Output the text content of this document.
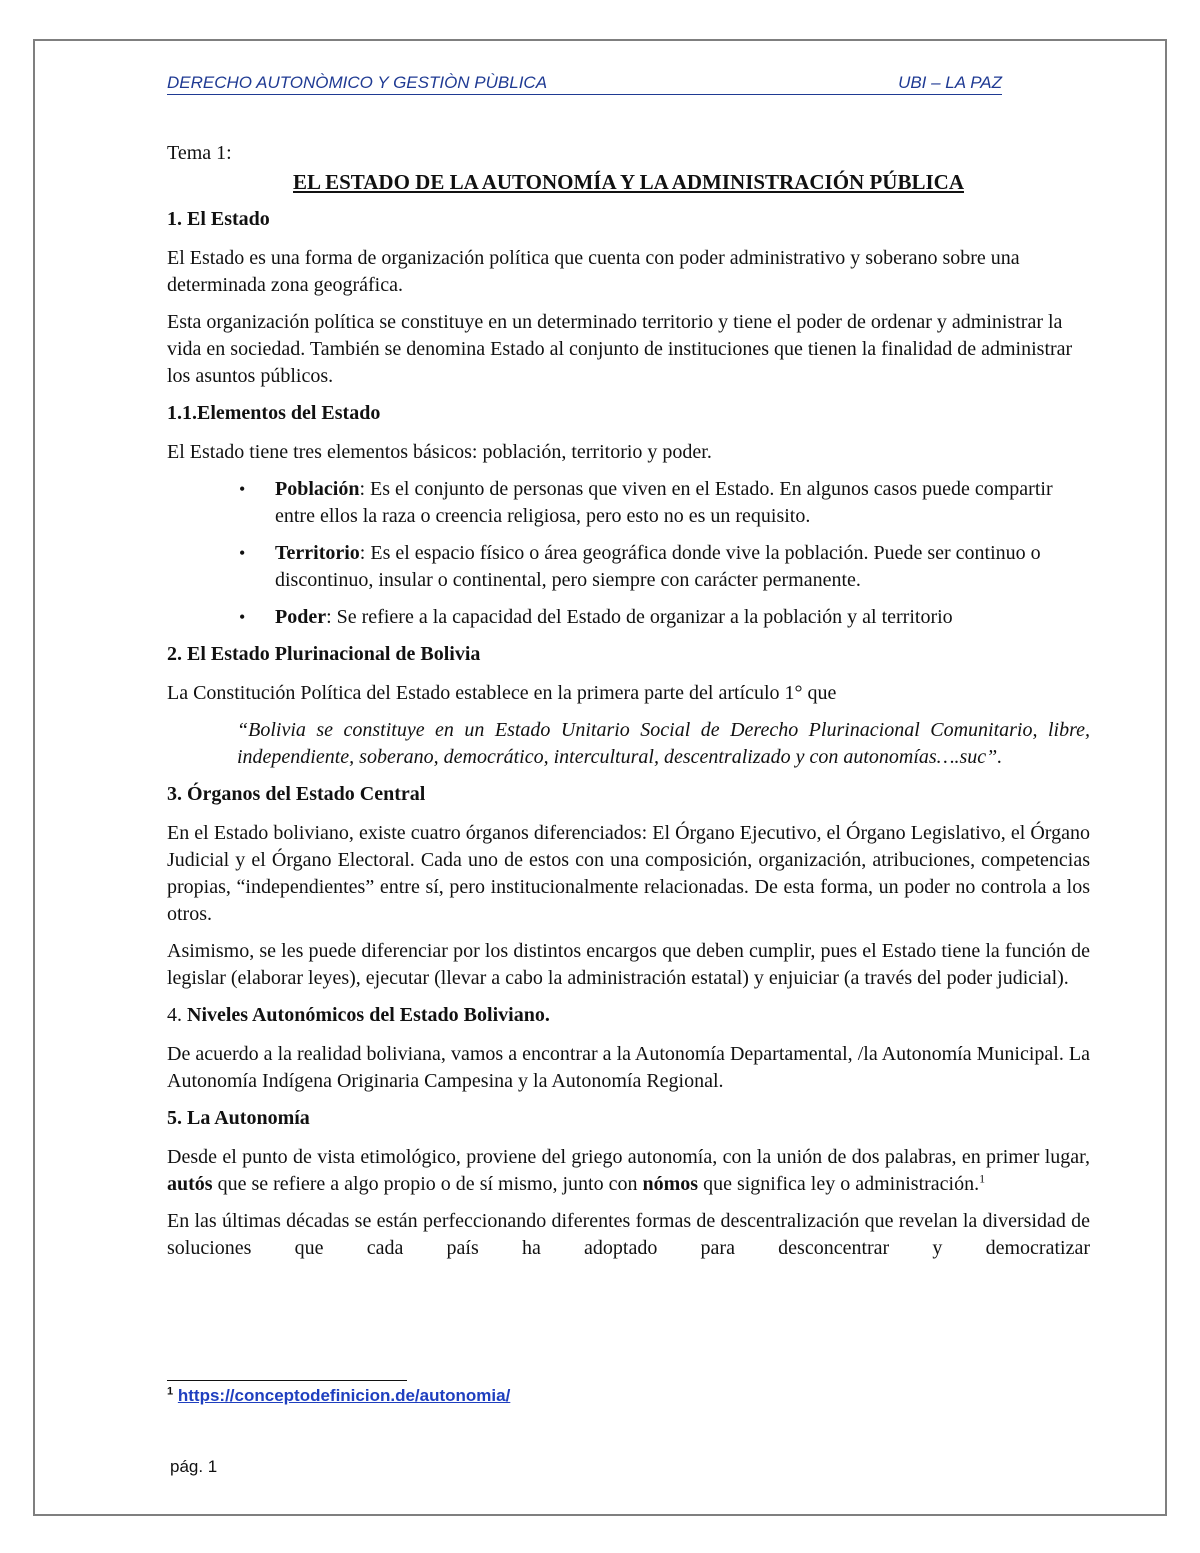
DERECHO AUTONÒMICO Y GESTIÒN PÙBLICA	UBI – LA PAZ

Tema 1:

EL ESTADO DE LA AUTONOMÍA Y LA ADMINISTRACIÓN PÚBLICA

1. El Estado

El Estado es una forma de organización política que cuenta con poder administrativo y soberano sobre una determinada zona geográfica.

Esta organización política se constituye en un determinado territorio y tiene el poder de ordenar y administrar la vida en sociedad. También se denomina Estado al conjunto de instituciones que tienen la finalidad de administrar los asuntos públicos.

1.1.Elementos del Estado

El Estado tiene tres elementos básicos: población, territorio y poder.

• Población: Es el conjunto de personas que viven en el Estado. En algunos casos puede compartir entre ellos la raza o creencia religiosa, pero esto no es un requisito.
• Territorio: Es el espacio físico o área geográfica donde vive la población. Puede ser continuo o discontinuo, insular o continental, pero siempre con carácter permanente.
• Poder: Se refiere a la capacidad del Estado de organizar a la población y al territorio

2. El Estado Plurinacional de Bolivia

La Constitución Política del Estado establece en la primera parte del artículo 1° que

“Bolivia se constituye en un Estado Unitario Social de Derecho Plurinacional Comunitario, libre, independiente, soberano, democrático, intercultural, descentralizado y con autonomías….suc”.

3. Órganos del Estado Central

En el Estado boliviano, existe cuatro órganos diferenciados: El Órgano Ejecutivo, el Órgano Legislativo, el Órgano Judicial y el Órgano Electoral. Cada uno de estos con una composición, organización, atribuciones, competencias propias, “independientes” entre sí, pero institucionalmente relacionadas. De esta forma, un poder no controla a los otros.

Asimismo, se les puede diferenciar por los distintos encargos que deben cumplir, pues el Estado tiene la función de legislar (elaborar leyes), ejecutar (llevar a cabo la administración estatal) y enjuiciar (a través del poder judicial).

4. Niveles Autonómicos del Estado Boliviano.

De acuerdo a la realidad boliviana, vamos a encontrar a la Autonomía Departamental, /la Autonomía Municipal. La Autonomía Indígena Originaria Campesina y la Autonomía Regional.

5. La Autonomía

Desde el punto de vista etimológico, proviene del griego autonomía, con la unión de dos palabras, en primer lugar, autós que se refiere a algo propio o de sí mismo, junto con nómos que significa ley o administración.$^1$

En las últimas décadas se están perfeccionando diferentes formas de descentralización que revelan la diversidad de soluciones que cada país ha adoptado para desconcentrar y democratizar

$^1$ https://conceptodefinicion.de/autonomia/
pág. 1
